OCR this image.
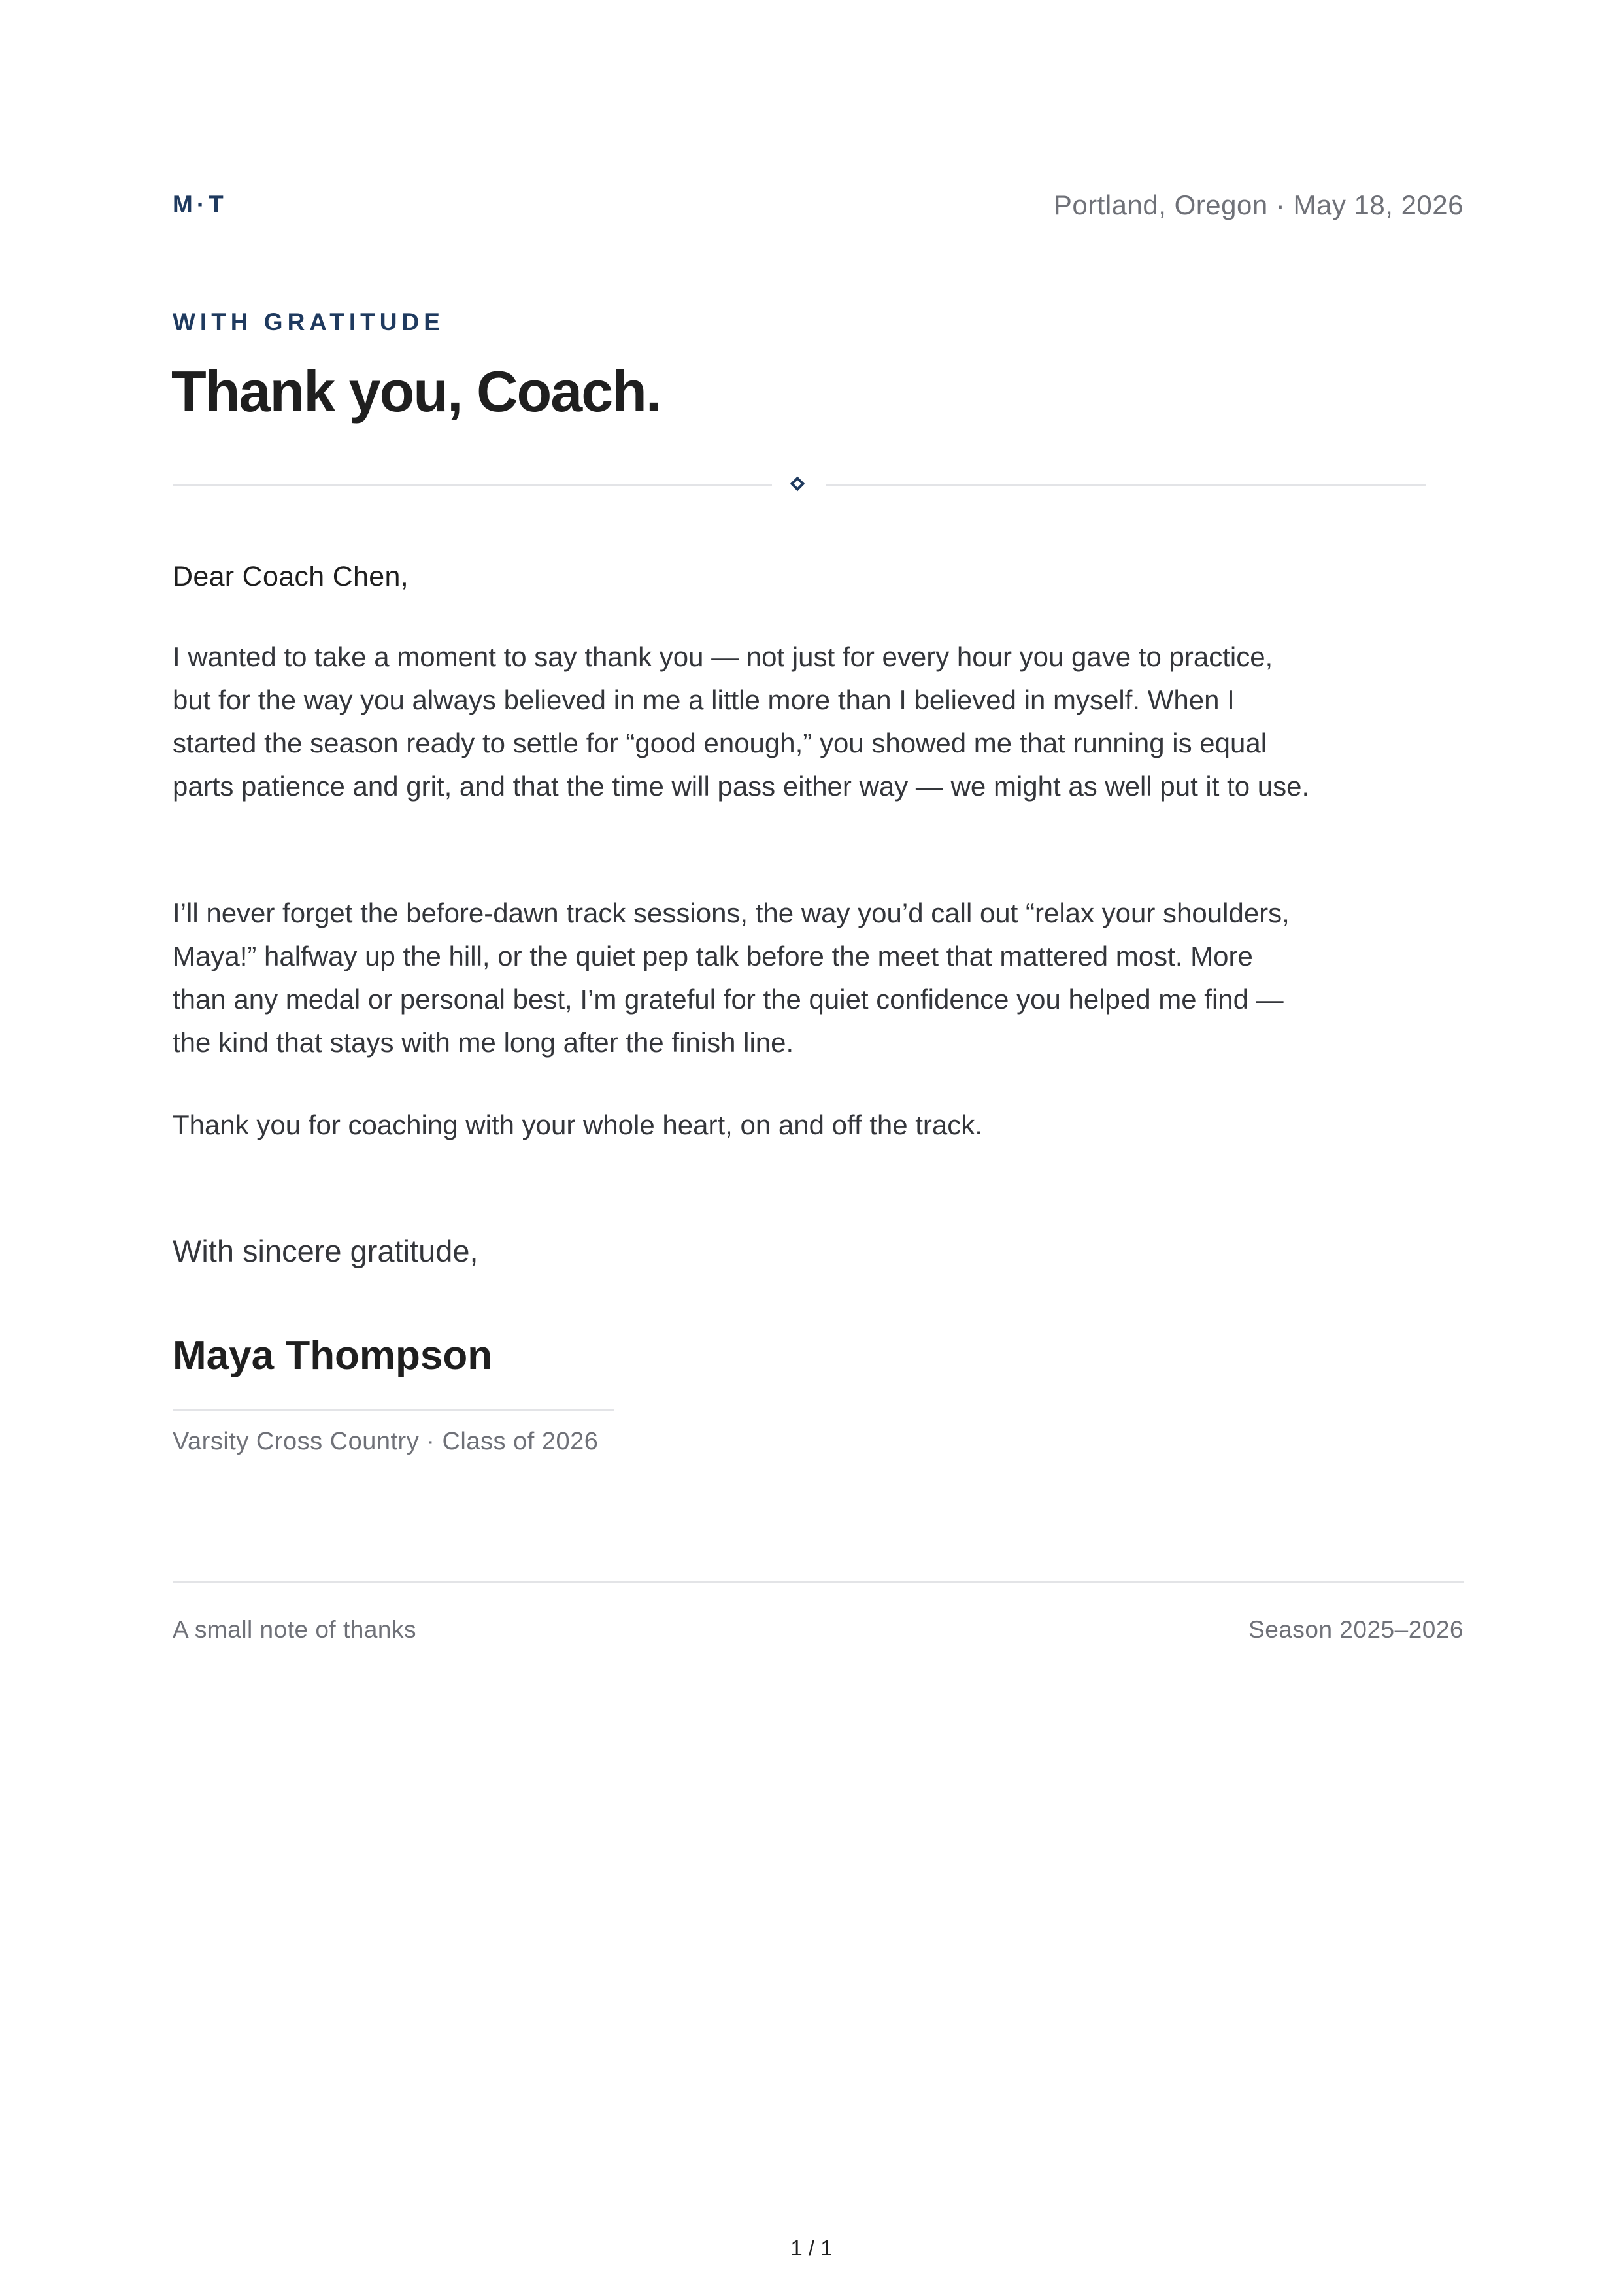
M·T	Portland, Oregon · May 18, 2026
WITH GRATITUDE
Thank you, Coach.
Dear Coach Chen,

I wanted to take a moment to say thank you — not just for every hour you gave to practice, but for the way you always believed in me a little more than I believed in myself. When I started the season ready to settle for “good enough,” you showed me that running is equal parts patience and grit, and that the time will pass either way — we might as well put it to use.

I’ll never forget the before-dawn track sessions, the way you’d call out “relax your shoulders, Maya!” halfway up the hill, or the quiet pep talk before the meet that mattered most. More than any medal or personal best, I’m grateful for the quiet confidence you helped me find — the kind that stays with me long after the finish line.

Thank you for coaching with your whole heart, on and off the track.

With sincere gratitude,
Maya Thompson
Varsity Cross Country · Class of 2026
A small note of thanks	Season 2025–2026
1 / 1
